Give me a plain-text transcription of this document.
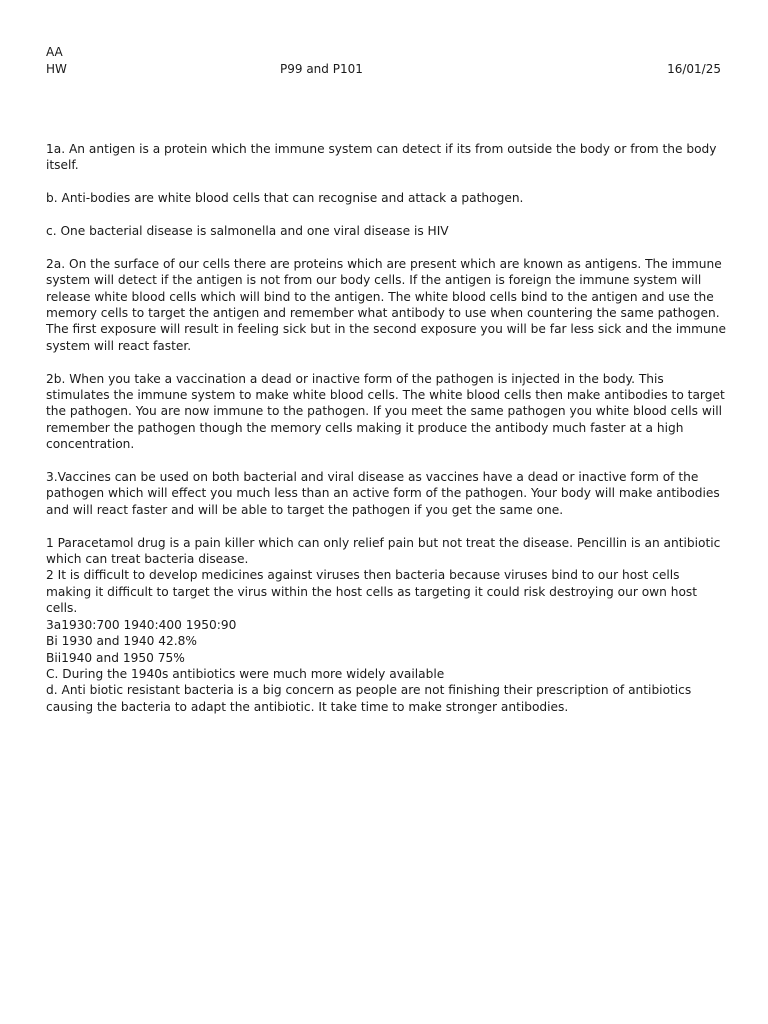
AA
HW	P99 and P101	16/01/25

1a. An antigen is a protein which the immune system can detect if its from outside the body or from the body itself.

b. Anti-bodies are white blood cells that can recognise and attack a pathogen.

c. One bacterial disease is salmonella and one viral disease is HIV

2a. On the surface of our cells there are proteins which are present which are known as antigens. The immune system will detect if the antigen is not from our body cells. If the antigen is foreign the immune system will release white blood cells which will bind to the antigen. The white blood cells bind to the antigen and use the memory cells to target the antigen and remember what antibody to use when countering the same pathogen. The first exposure will result in feeling sick but in the second exposure you will be far less sick and the immune system will react faster.

2b. When you take a vaccination a dead or inactive form of the pathogen is injected in the body. This stimulates the immune system to make white blood cells. The white blood cells then make antibodies to target the pathogen. You are now immune to the pathogen. If you meet the same pathogen you white blood cells will remember the pathogen though the memory cells making it produce the antibody much faster at a high concentration.

3.Vaccines can be used on both bacterial and viral disease as vaccines have a dead or inactive form of the pathogen which will effect you much less than an active form of the pathogen. Your body will make antibodies and will react faster and will be able to target the pathogen if you get the same one.

1 Paracetamol drug is a pain killer which can only relief pain but not treat the disease. Pencillin is an antibiotic which can treat bacteria disease.

2 It is difficult to develop medicines against viruses then bacteria because viruses bind to our host cells making it difficult to target the virus within the host cells as targeting it could risk destroying our own host cells.

3a1930:700 1940:400 1950:90

Bi 1930 and 1940 42.8%

Bii1940 and 1950 75%

C. During the 1940s antibiotics were much more widely available

d. Anti biotic resistant bacteria is a big concern as people are not finishing their prescription of antibiotics causing the bacteria to adapt the antibiotic. It take time to make stronger antibodies.
